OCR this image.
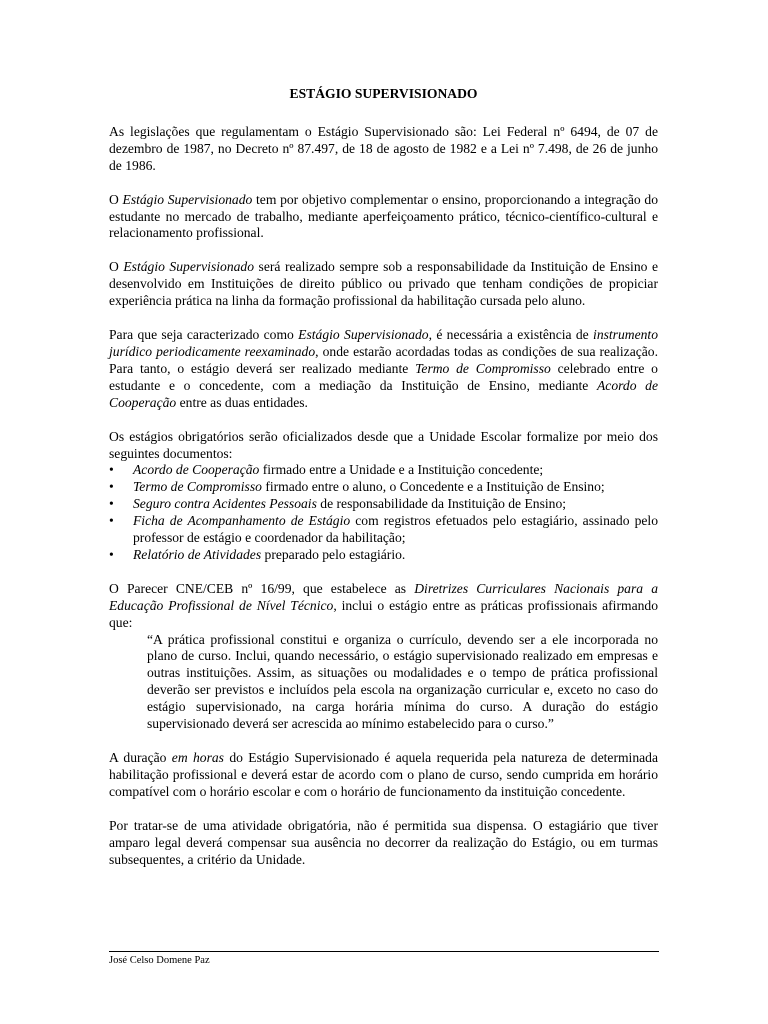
ESTÁGIO SUPERVISIONADO

As legislações que regulamentam o Estágio Supervisionado são: Lei Federal nº 6494, de 07 de dezembro de 1987, no Decreto nº 87.497, de 18 de agosto de 1982 e a Lei nº 7.498, de 26 de junho de 1986.

O Estágio Supervisionado tem por objetivo complementar o ensino, proporcionando a integração do estudante no mercado de trabalho, mediante aperfeiçoamento prático, técnico-científico-cultural e relacionamento profissional.

O Estágio Supervisionado será realizado sempre sob a responsabilidade da Instituição de Ensino e desenvolvido em Instituições de direito público ou privado que tenham condições de propiciar experiência prática na linha da formação profissional da habilitação cursada pelo aluno.

Para que seja caracterizado como Estágio Supervisionado, é necessária a existência de instrumento jurídico periodicamente reexaminado, onde estarão acordadas todas as condições de sua realização. Para tanto, o estágio deverá ser realizado mediante Termo de Compromisso celebrado entre o estudante e o concedente, com a mediação da Instituição de Ensino, mediante Acordo de Cooperação entre as duas entidades.

Os estágios obrigatórios serão oficializados desde que a Unidade Escolar formalize por meio dos seguintes documentos:

• Acordo de Cooperação firmado entre a Unidade e a Instituição concedente;
• Termo de Compromisso firmado entre o aluno, o Concedente e a Instituição de Ensino;
• Seguro contra Acidentes Pessoais de responsabilidade da Instituição de Ensino;
• Ficha de Acompanhamento de Estágio com registros efetuados pelo estagiário, assinado pelo professor de estágio e coordenador da habilitação;
• Relatório de Atividades preparado pelo estagiário.

O Parecer CNE/CEB nº 16/99, que estabelece as Diretrizes Curriculares Nacionais para a Educação Profissional de Nível Técnico, inclui o estágio entre as práticas profissionais afirmando que:

“A prática profissional constitui e organiza o currículo, devendo ser a ele incorporada no plano de curso. Inclui, quando necessário, o estágio supervisionado realizado em empresas e outras instituições. Assim, as situações ou modalidades e o tempo de prática profissional deverão ser previstos e incluídos pela escola na organização curricular e, exceto no caso do estágio supervisionado, na carga horária mínima do curso. A duração do estágio supervisionado deverá ser acrescida ao mínimo estabelecido para o curso.”

A duração em horas do Estágio Supervisionado é aquela requerida pela natureza de determinada habilitação profissional e deverá estar de acordo com o plano de curso, sendo cumprida em horário compatível com o horário escolar e com o horário de funcionamento da instituição concedente.

Por tratar-se de uma atividade obrigatória, não é permitida sua dispensa. O estagiário que tiver amparo legal deverá compensar sua ausência no decorrer da realização do Estágio, ou em turmas subsequentes, a critério da Unidade.

José Celso Domene Paz
